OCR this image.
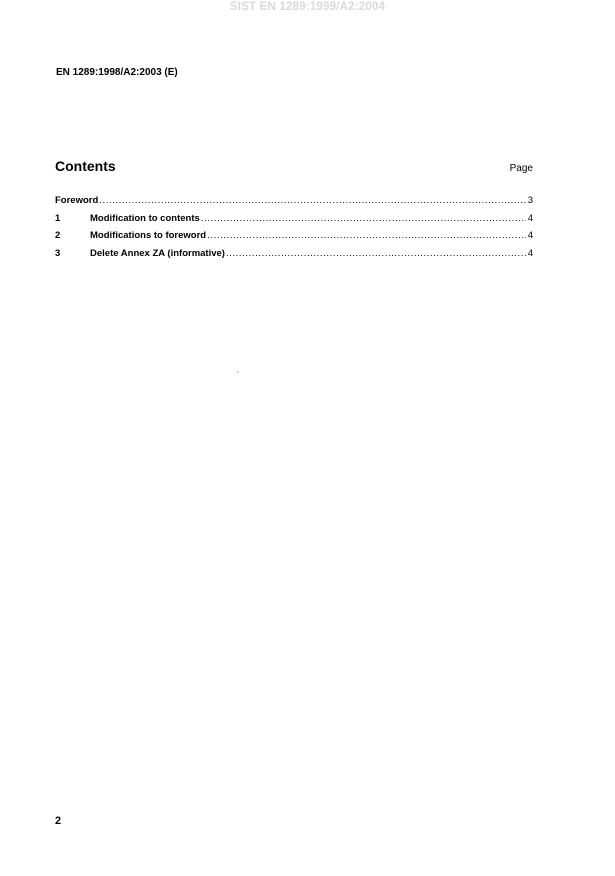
SIST EN 1289:1999/A2:2004
EN 1289:1998/A2:2003 (E)
Contents	Page
Foreword .....	3
1	Modification to contents .....	4
2	Modifications to foreword .....	4
3	Delete Annex ZA (informative) .....	4
2
